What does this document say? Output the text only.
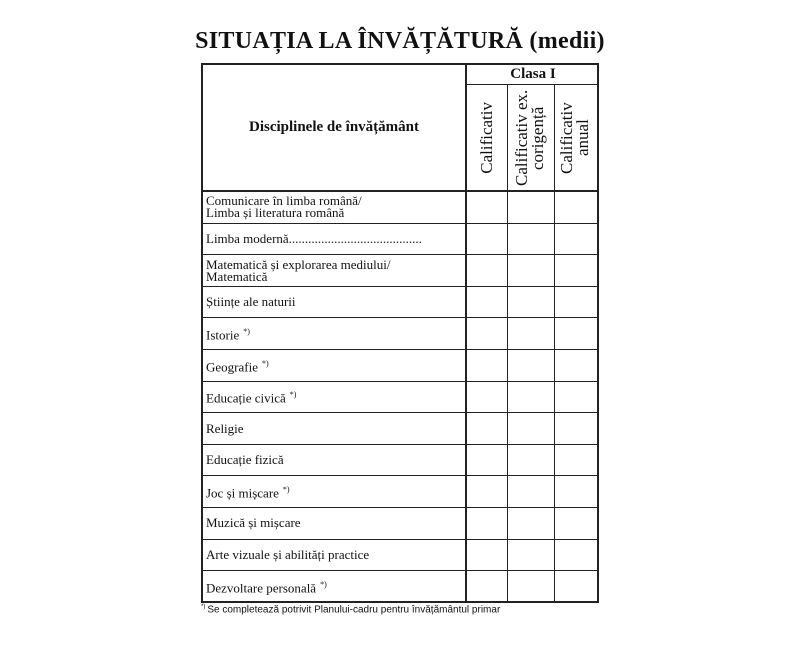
SITUAȚIA LA ÎNVĂȚĂTURĂ (medii)
Disciplinele de învățământ
Clasa I
Calificativ Calificativ ex. corigență Calificativ anual
Comunicare în limba română/
Limba și literatura română
Limba modernă.........................................
Matematică și explorarea mediului/
Matematică
Științe ale naturii
Istorie *)
Geografie *)
Educație civică *)
Religie
Educație fizică
Joc și mișcare *)
Muzică și mișcare
Arte vizuale și abilități practice
Dezvoltare personală *)
*) Se completează potrivit Planului-cadru pentru învățământul primar
